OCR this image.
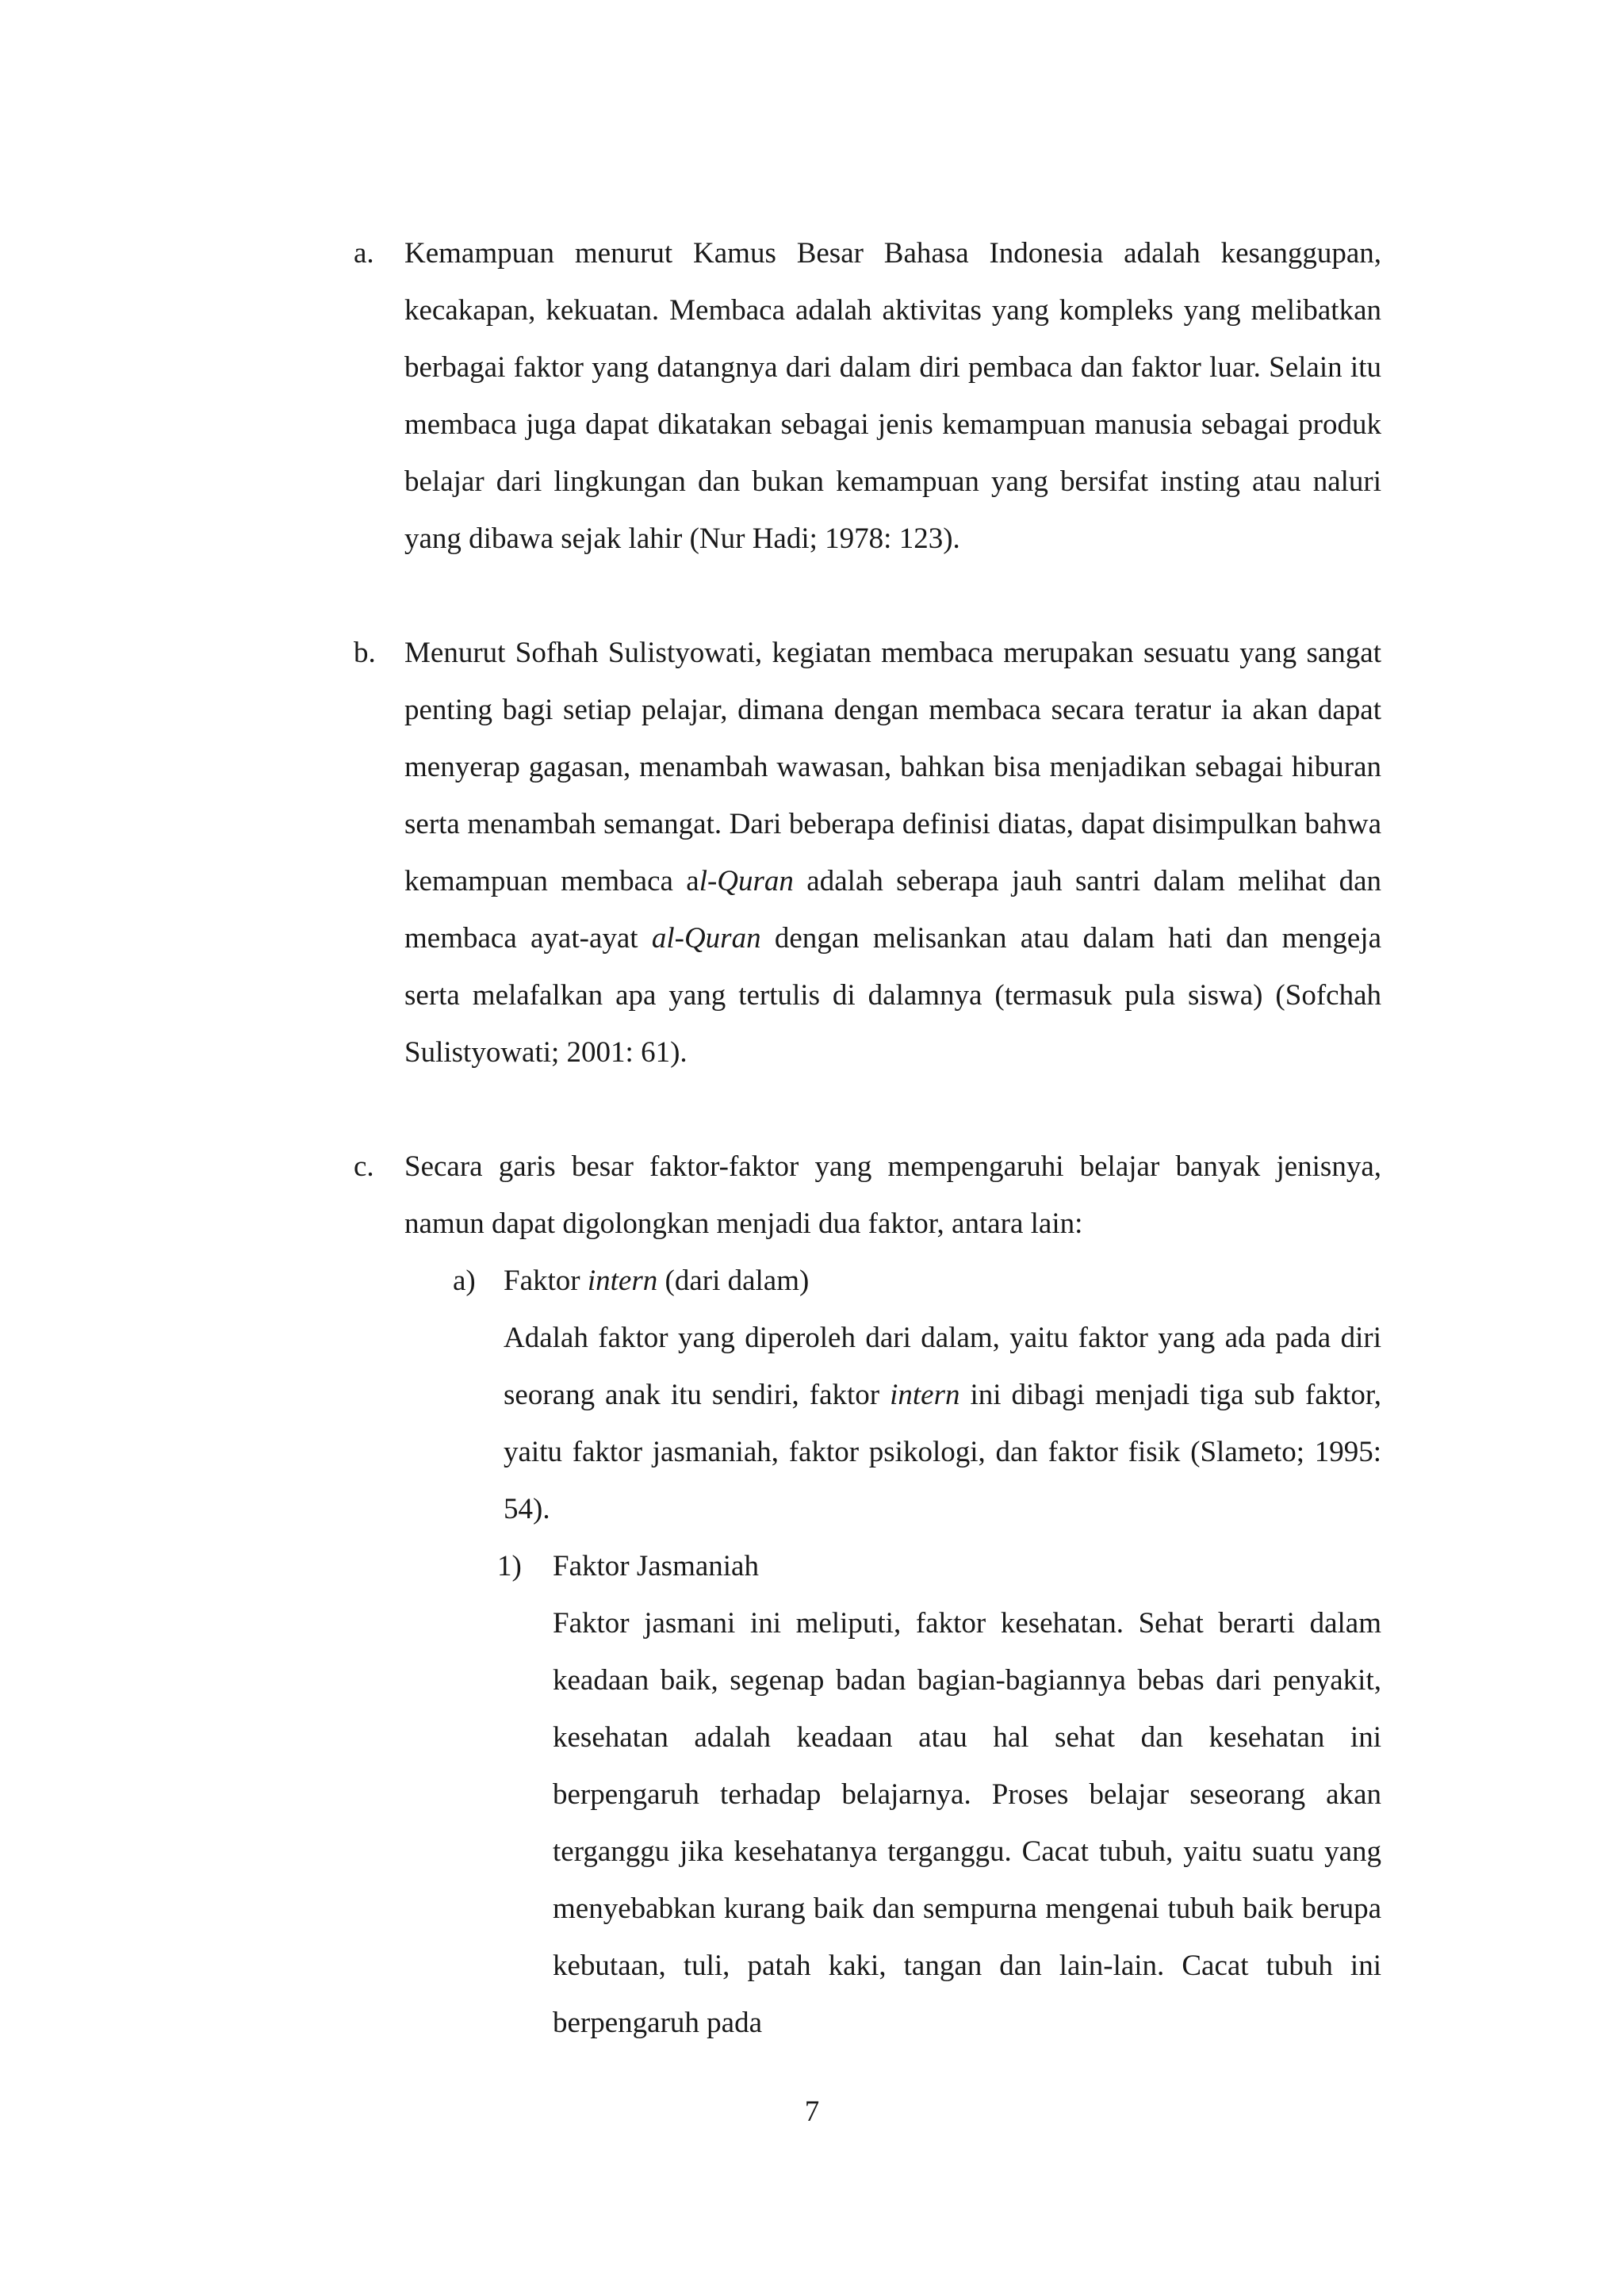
a. Kemampuan menurut Kamus Besar Bahasa Indonesia adalah kesanggupan, kecakapan, kekuatan. Membaca adalah aktivitas yang kompleks yang melibatkan berbagai faktor yang datangnya dari dalam diri pembaca dan faktor luar. Selain itu membaca juga dapat dikatakan sebagai jenis kemampuan manusia sebagai produk belajar dari lingkungan dan bukan kemampuan yang bersifat insting atau naluri yang dibawa sejak lahir (Nur Hadi; 1978: 123).

b. Menurut Sofhah Sulistyowati, kegiatan membaca merupakan sesuatu yang sangat penting bagi setiap pelajar, dimana dengan membaca secara teratur ia akan dapat menyerap gagasan, menambah wawasan, bahkan bisa menjadikan sebagai hiburan serta menambah semangat. Dari beberapa definisi diatas, dapat disimpulkan bahwa kemampuan membaca al-Quran adalah seberapa jauh santri dalam melihat dan membaca ayat-ayat al-Quran dengan melisankan atau dalam hati dan mengeja serta melafalkan apa yang tertulis di dalamnya (termasuk pula siswa) (Sofchah Sulistyowati; 2001: 61).

c. Secara garis besar faktor-faktor yang mempengaruhi belajar banyak jenisnya, namun dapat digolongkan menjadi dua faktor, antara lain:

a) Faktor intern (dari dalam)

Adalah faktor yang diperoleh dari dalam, yaitu faktor yang ada pada diri seorang anak itu sendiri, faktor intern ini dibagi menjadi tiga sub faktor, yaitu faktor jasmaniah, faktor psikologi, dan faktor fisik (Slameto; 1995: 54).

1) Faktor Jasmaniah

Faktor jasmani ini meliputi, faktor kesehatan. Sehat berarti dalam keadaan baik, segenap badan bagian-bagiannya bebas dari penyakit, kesehatan adalah keadaan atau hal sehat dan kesehatan ini berpengaruh terhadap belajarnya. Proses belajar seseorang akan terganggu jika kesehatanya terganggu. Cacat tubuh, yaitu suatu yang menyebabkan kurang baik dan sempurna mengenai tubuh baik berupa kebutaan, tuli, patah kaki, tangan dan lain-lain. Cacat tubuh ini berpengaruh pada

7
